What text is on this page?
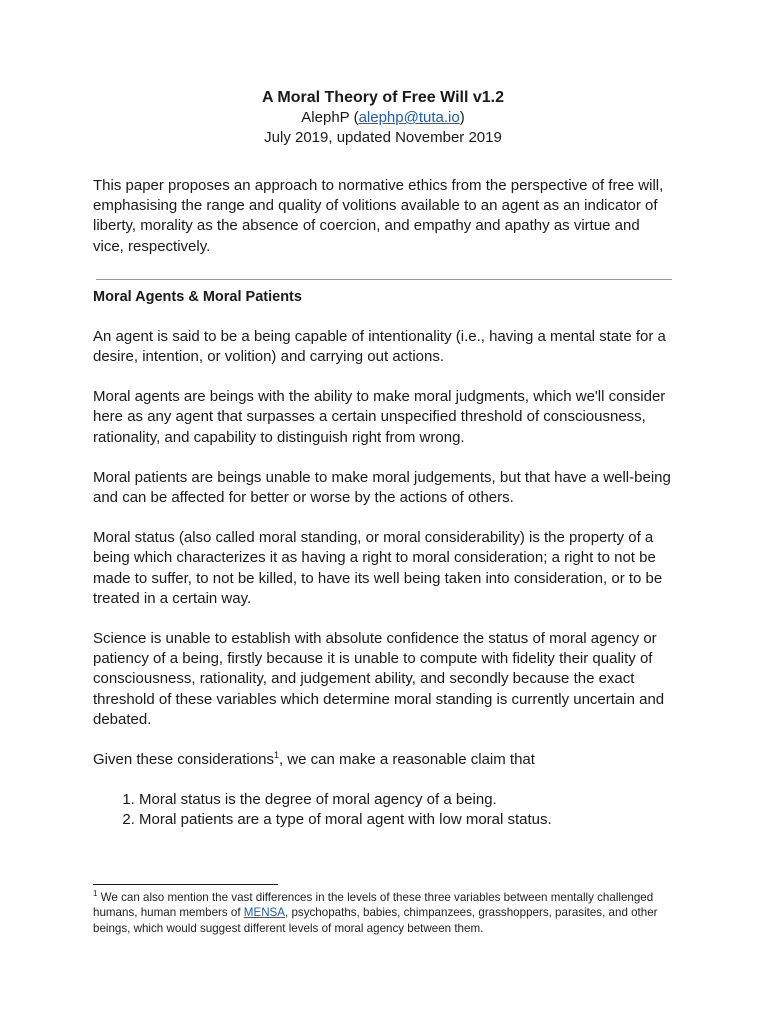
A Moral Theory of Free Will v1.2
AlephP (alephp@tuta.io)
July 2019, updated November 2019
This paper proposes an approach to normative ethics from the perspective of free will, emphasising the range and quality of volitions available to an agent as an indicator of liberty, morality as the absence of coercion, and empathy and apathy as virtue and vice, respectively.
Moral Agents & Moral Patients

An agent is said to be a being capable of intentionality (i.e., having a mental state for a desire, intention, or volition) and carrying out actions.

Moral agents are beings with the ability to make moral judgments, which we'll consider here as any agent that surpasses a certain unspecified threshold of consciousness, rationality, and capability to distinguish right from wrong.

Moral patients are beings unable to make moral judgements, but that have a well-being and can be affected for better or worse by the actions of others.

Moral status (also called moral standing, or moral considerability) is the property of a being which characterizes it as having a right to moral consideration; a right to not be made to suffer, to not be killed, to have its well being taken into consideration, or to be treated in a certain way.

Science is unable to establish with absolute confidence the status of moral agency or patiency of a being, firstly because it is unable to compute with fidelity their quality of consciousness, rationality, and judgement ability, and secondly because the exact threshold of these variables which determine moral standing is currently uncertain and debated.

Given these considerations$^1$, we can make a reasonable claim that

1. Moral status is the degree of moral agency of a being.
2. Moral patients are a type of moral agent with low moral status.
$^1$ We can also mention the vast differences in the levels of these three variables between mentally challenged humans, human members of MENSA, psychopaths, babies, chimpanzees, grasshoppers, parasites, and other beings, which would suggest different levels of moral agency between them.
